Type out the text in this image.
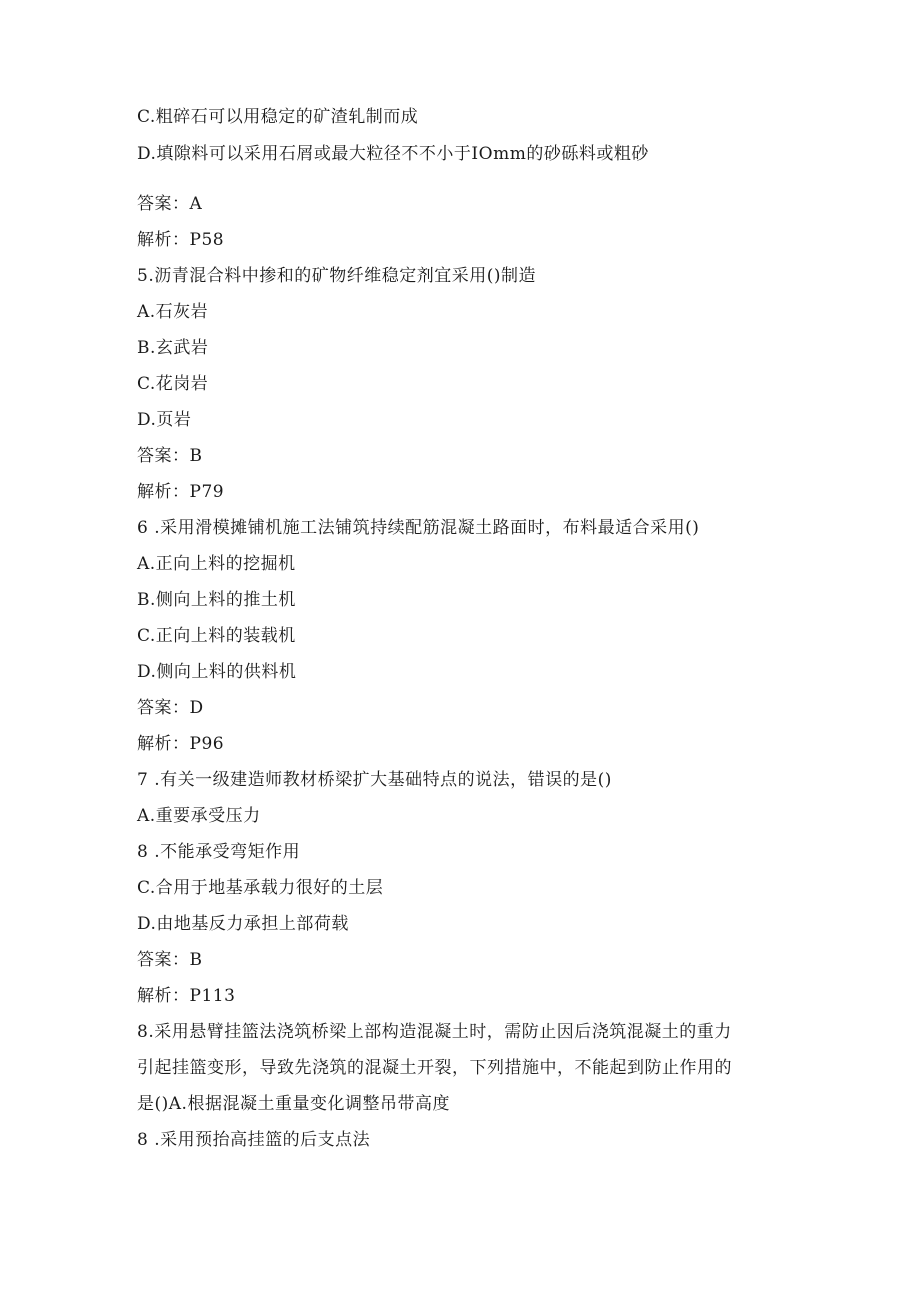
C.粗碎石可以用稳定的矿渣轧制而成
D.填隙料可以采用石屑或最大粒径不不小于IOmm的砂砾料或粗砂
答案：A
解析：P58
5.沥青混合料中掺和的矿物纤维稳定剂宜采用()制造
A.石灰岩
B.玄武岩
C.花岗岩
D.页岩
答案：B
解析：P79
6 .采用滑模摊铺机施工法铺筑持续配筋混凝土路面时，布料最适合采用()
A.正向上料的挖掘机
B.侧向上料的推土机
C.正向上料的装载机
D.侧向上料的供料机
答案：D
解析：P96
7 .有关一级建造师教材桥梁扩大基础特点的说法，错误的是()
A.重要承受压力
8 .不能承受弯矩作用
C.合用于地基承载力很好的土层
D.由地基反力承担上部荷载
答案：B
解析：P113
8.采用悬臂挂篮法浇筑桥梁上部构造混凝土时，需防止因后浇筑混凝土的重力
引起挂篮变形，导致先浇筑的混凝土开裂，下列措施中，不能起到防止作用的
是()A.根据混凝土重量变化调整吊带高度
8 .采用预抬高挂篮的后支点法
